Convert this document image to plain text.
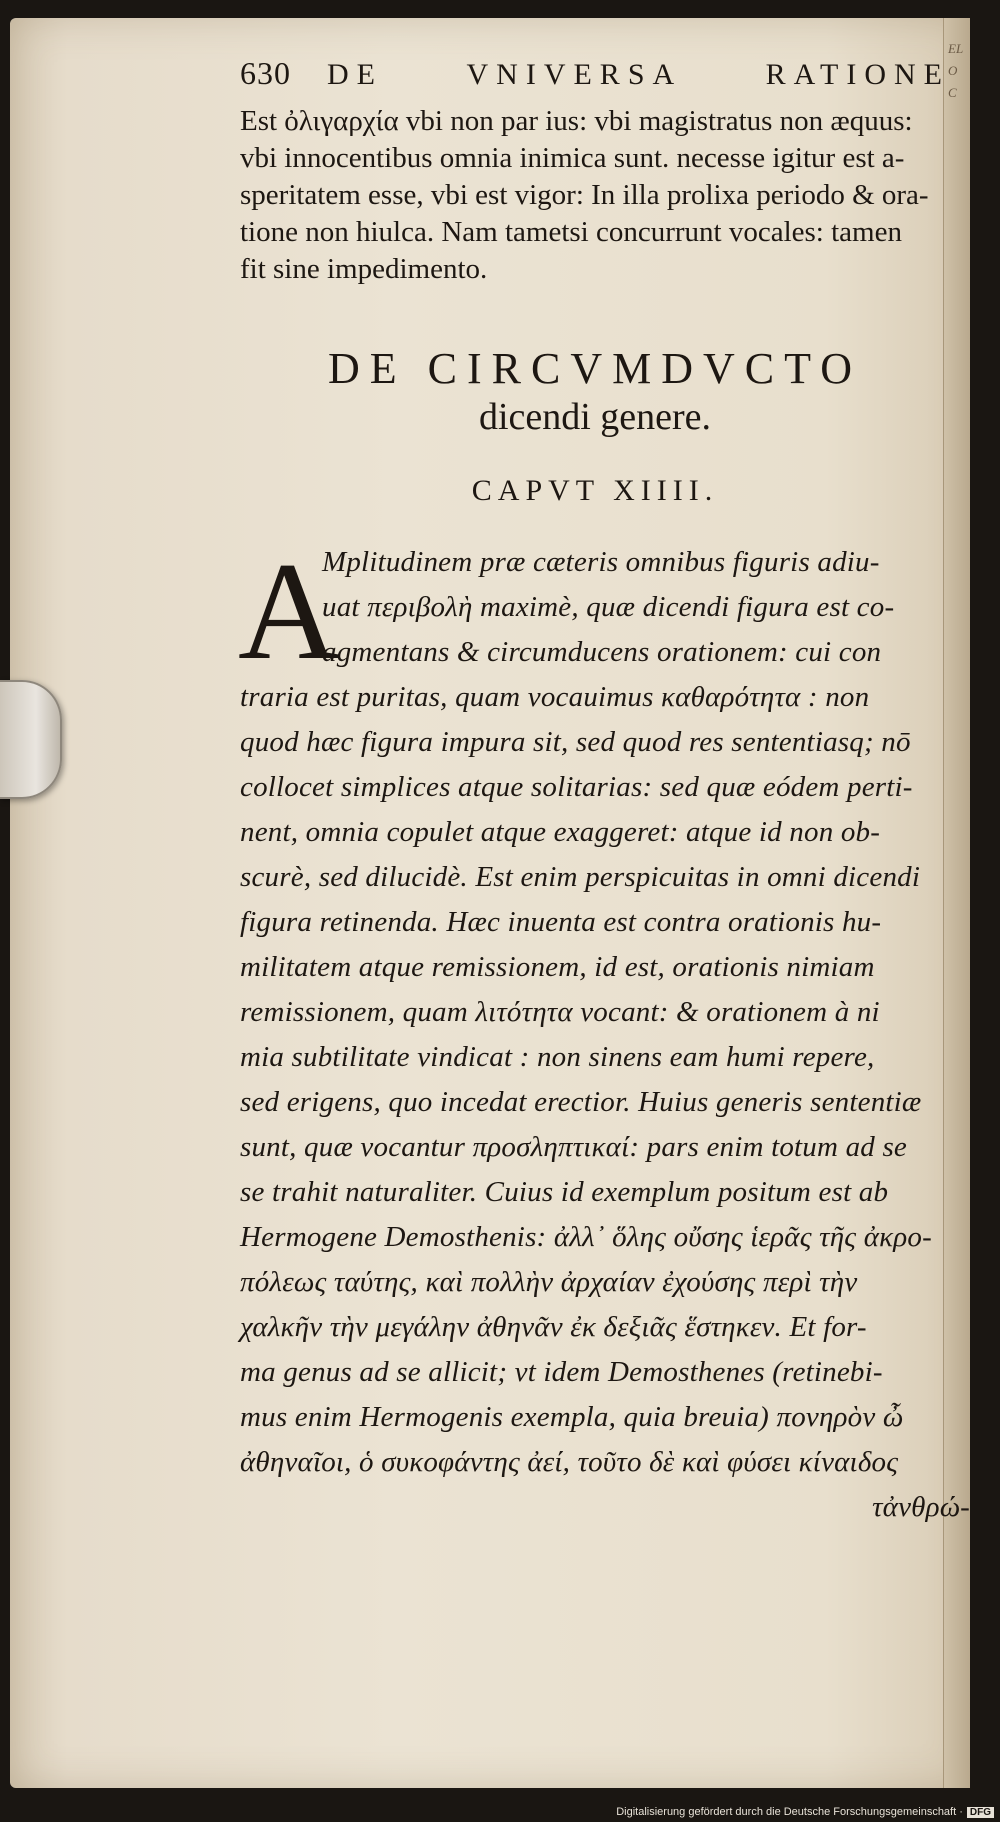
ELOC
630 DE	VNIVERSA	RATIONE

Est ὀλιγαρχία vbi non par ius: vbi magistratus non æquus:

vbi innocentibus omnia inimica sunt. necesse igitur est a-

speritatem esse, vbi est vigor: In illa prolixa periodo & ora-

tione non hiulca. Nam tametsi concurrunt vocales: tamen

fit sine impedimento.

DE CIRCVMDVCTO
dicendi genere.
CAPVT XIIII.
A
Mplitudinem præ cæteris omnibus figuris adiu-
uat περιβολὴ maximè, quæ dicendi figura est co-
agmentans & circumducens orationem: cui con
traria est puritas, quam vocauimus καθαρότητα : non
quod hæc figura impura sit, sed quod res sententiasq; nō
collocet simplices atque solitarias: sed quæ eódem perti-
nent, omnia copulet atque exaggeret: atque id non ob-
scurè, sed dilucidè. Est enim perspicuitas in omni dicendi
figura retinenda. Hæc inuenta est contra orationis hu-
militatem atque remissionem, id est, orationis nimiam
remissionem, quam λιτότητα vocant: & orationem à ni
mia subtilitate vindicat : non sinens eam humi repere,
sed erigens, quo incedat erectior. Huius generis sententiæ
sunt, quæ vocantur προσληπτικαί: pars enim totum ad se
se trahit naturaliter. Cuius id exemplum positum est ab
Hermogene Demosthenis: ἀλλ᾽ ὅλης οὔσης ἱερᾶς τῆς ἀκρο-
πόλεως ταύτης, καὶ πολλὴν ἀρχαίαν ἐχούσης περὶ τὴν
χαλκῆν τὴν μεγάλην ἀθηνᾶν ἐκ δεξιᾶς ἕστηκεν. Et for-
ma genus ad se allicit; vt idem Demosthenes (retinebi-
mus enim Hermogenis exempla, quia breuia) πονηρὸν ὦ
ἀθηναῖοι, ὁ συκοφάντης ἀεί, τοῦτο δὲ καὶ φύσει κίναιδος
τἀνθρώ-
Digitalisierung gefördert durch die Deutsche Forschungsgemeinschaft · DFG
